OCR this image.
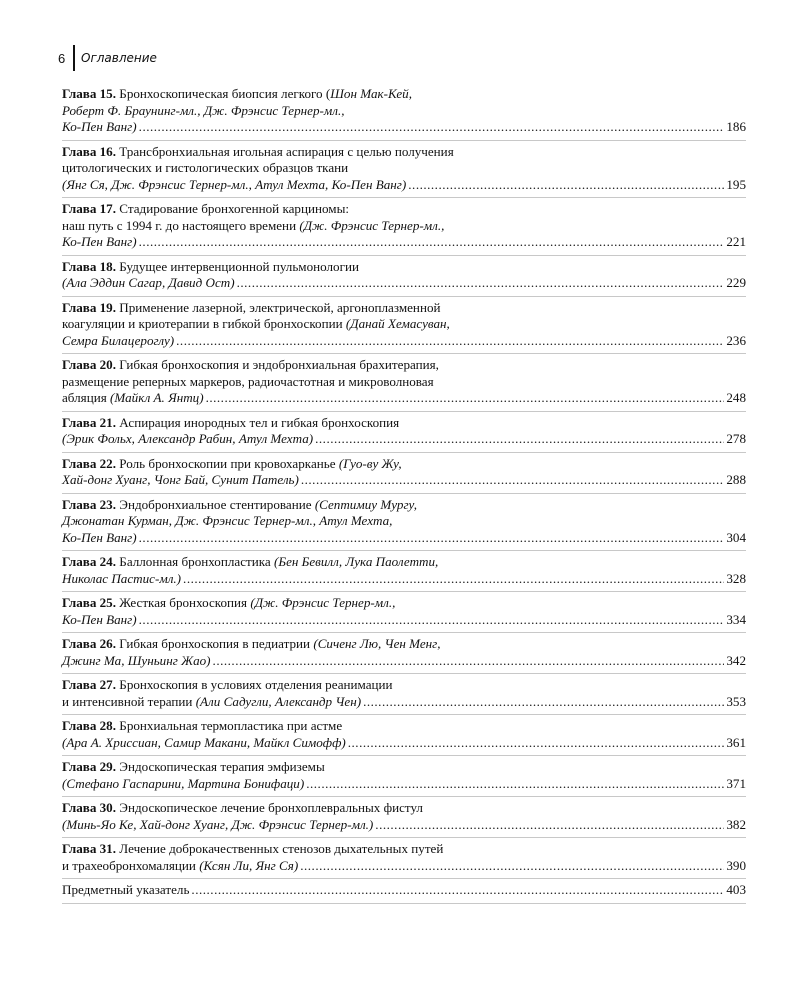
6	Оглавление
Глава 15. Бронхоскопическая биопсия легкого (Шон Мак-Кей,
Роберт Ф. Браунинг-мл., Дж. Фрэнсис Тернер-мл.,
Ко-Пен Ванг) .....	186
Глава 16. Трансбронхиальная игольная аспирация с целью получения
цитологических и гистологических образцов ткани
(Янг Ся, Дж. Фрэнсис Тернер-мл., Атул Мехта, Ко-Пен Ванг) .....	195
Глава 17. Стадирование бронхогенной карциномы:
наш путь с 1994 г. до настоящего времени (Дж. Фрэнсис Тернер-мл.,
Ко-Пен Ванг) .....	221
Глава 18. Будущее интервенционной пульмонологии
(Ала Эддин Сагар, Давид Ост) .....	229
Глава 19. Применение лазерной, электрической, аргоноплазменной
коагуляции и криотерапии в гибкой бронхоскопии (Данай Хемасуван,
Семра Билацероглу) .....	236
Глава 20. Гибкая бронхоскопия и эндобронхиальная брахитерапия,
размещение реперных маркеров, радиочастотная и микроволновая
абляция (Майкл А. Янтц) .....	248
Глава 21. Аспирация инородных тел и гибкая бронхоскопия
(Эрик Фольх, Александр Рабин, Атул Мехта) .....	278
Глава 22. Роль бронхоскопии при кровохарканье (Гуо-ву Жу,
Хай-донг Хуанг, Чонг Бай, Сунит Патель) .....	288
Глава 23. Эндобронхиальное стентирование (Септимиу Мургу,
Джонатан Курман, Дж. Фрэнсис Тернер-мл., Атул Мехта,
Ко-Пен Ванг) .....	304
Глава 24. Баллонная бронхопластика (Бен Бевилл, Лука Паолетти,
Николас Пастис-мл.) .....	328
Глава 25. Жесткая бронхоскопия (Дж. Фрэнсис Тернер-мл.,
Ко-Пен Ванг) .....	334
Глава 26. Гибкая бронхоскопия в педиатрии (Сиченг Лю, Чен Менг,
Джинг Ма, Шуньинг Жао) .....	342
Глава 27. Бронхоскопия в условиях отделения реанимации
и интенсивной терапии (Али Садугли, Александр Чен) .....	353
Глава 28. Бронхиальная термопластика при астме
(Ара А. Хриссиан, Самир Макани, Майкл Симофф) .....	361
Глава 29. Эндоскопическая терапия эмфиземы
(Стефано Гаспарини, Мартина Бонифаци) .....	371
Глава 30. Эндоскопическое лечение бронхоплевральных фистул
(Минь-Яо Ке, Хай-донг Хуанг, Дж. Фрэнсис Тернер-мл.) .....	382
Глава 31. Лечение доброкачественных стенозов дыхательных путей
и трахеобронхомаляции (Ксян Ли, Янг Ся) .....	390
Предметный указатель .....	403
